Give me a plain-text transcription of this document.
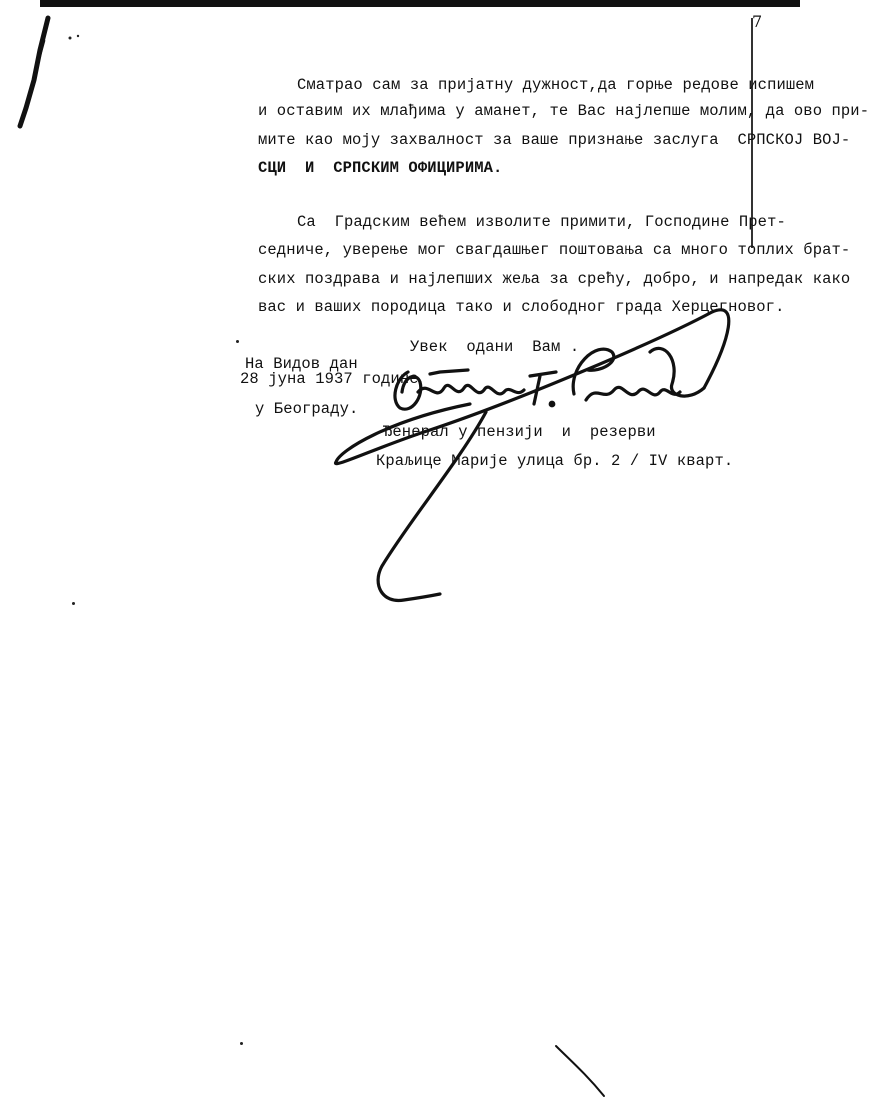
7
Сматрао сам за пријатну дужност,да горње редове испишем
и оставим их млађима у аманет, те Вас најлепше молим, да ово при-
мите као моју захвалност за ваше признање заслуга  СРПСКОЈ ВОЈ-
СЦИ  И  СРПСКИМ ОФИЦИРИМА.
Са  Градским већем изволите примити, Господине Прет-
седниче, уверење мог свагдашњег поштовања са много топлих брат-
ских поздрава и најлепших жеља за срећу, добро, и напредак како
вас и ваших породица тако и слободног града Херцегновог.
Увек  одани  Вам .
На Видов дан
28 јуна 1937 године
у Београду.
Ђенерал у пензији  и  резерви
Краљице Марије улица бр. 2 / IV кварт.
